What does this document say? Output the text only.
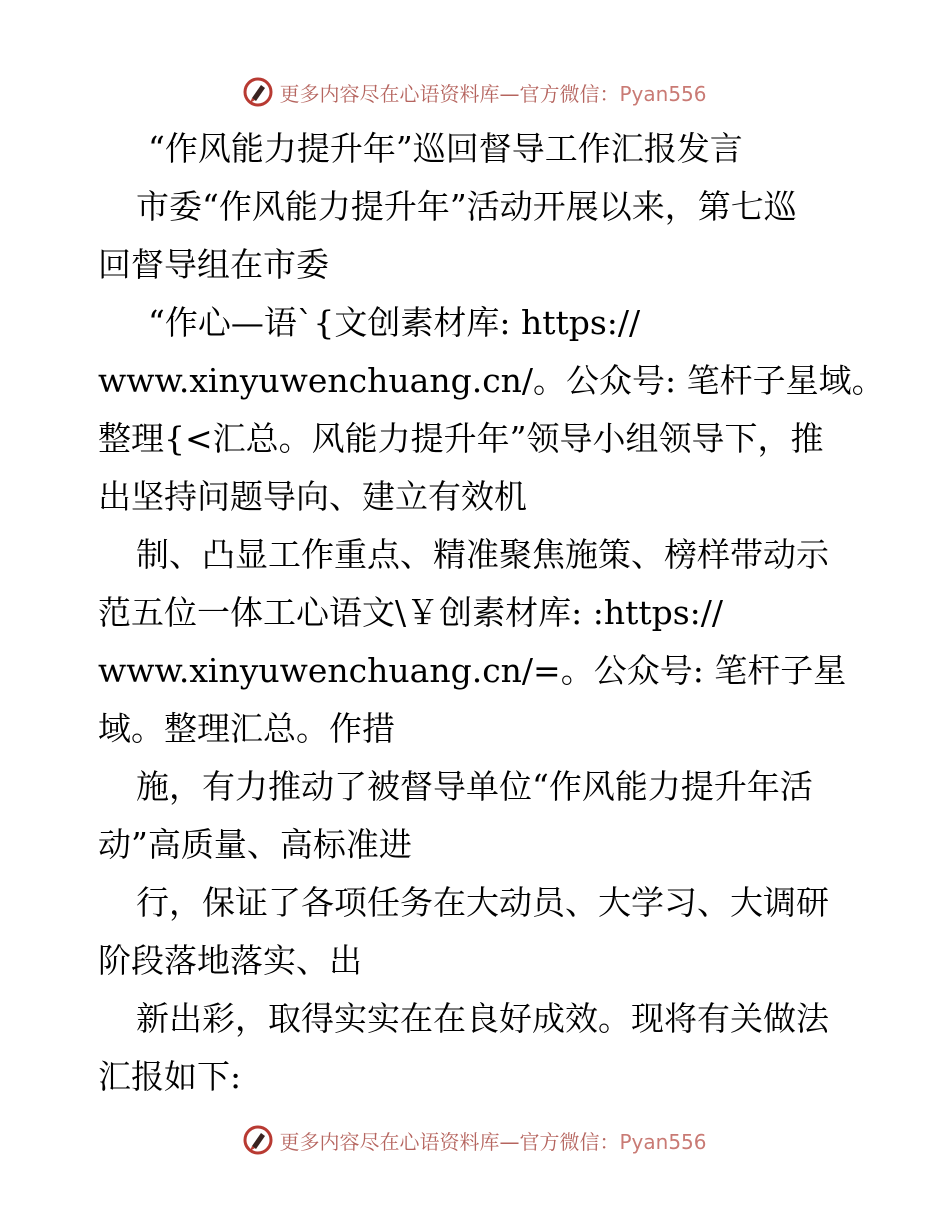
更多内容尽在心语资料库—官方微信：Pyan556
“作风能力提升年”巡回督导工作汇报发言
市委“作风能力提升年”活动开展以来，第七巡
回督导组在市委
“作心—语`{文创素材库: https://
www.xinyuwenchuang.cn/。公众号: 笔杆子星域。
整理{<汇总。风能力提升年”领导小组领导下，推
出坚持问题导向、建立有效机
制、凸显工作重点、精准聚焦施策、榜样带动示
范五位一体工心语文\￥创素材库: :https://
www.xinyuwenchuang.cn/=。公众号: 笔杆子星
域。整理汇总。作措
施，有力推动了被督导单位“作风能力提升年活
动”高质量、高标准进
行，保证了各项任务在大动员、大学习、大调研
阶段落地落实、出
新出彩，取得实实在在良好成效。现将有关做法
汇报如下:
更多内容尽在心语资料库—官方微信：Pyan556
